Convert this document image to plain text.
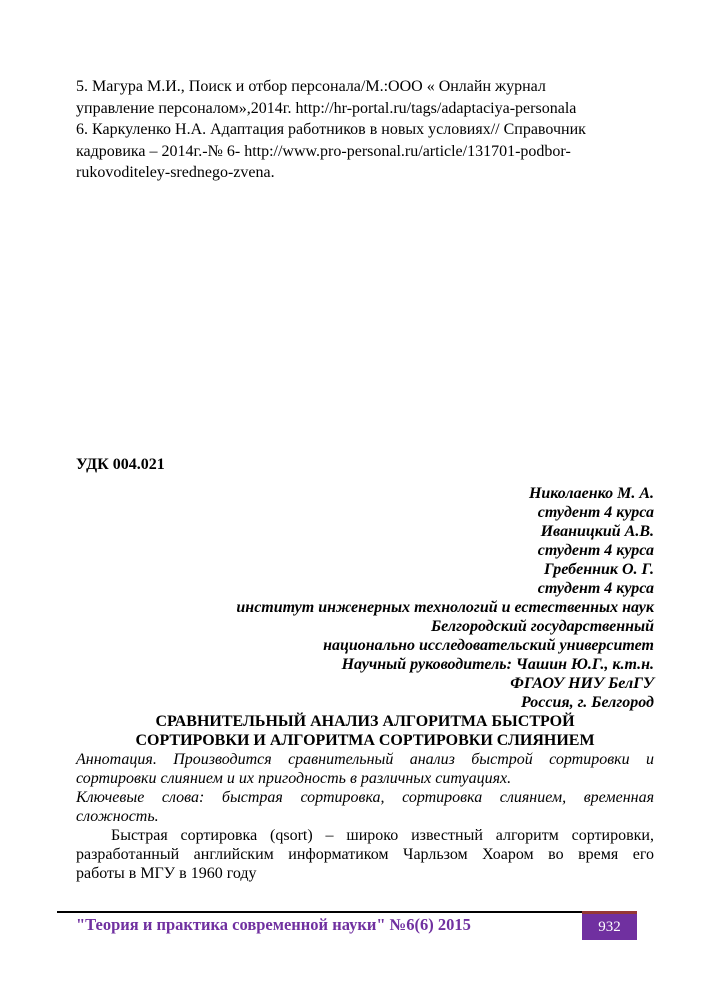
5. Магура М.И., Поиск и отбор персонала/М.:ООО « Онлайн журнал
управление персоналом»,2014г. http://hr-portal.ru/tags/adaptaciya-personala
6. Каркуленко Н.А. Адаптация работников в новых условиях// Справочник
кадровика – 2014г.-№ 6- http://www.pro-personal.ru/article/131701-podbor-
rukovoditeley-srednego-zvena.
УДК 004.021
Николаенко М. А.
студент 4 курса
Иваницкий А.В.
студент 4 курса
Гребенник О. Г.
студент 4 курса
институт инженерных технологий и естественных наук
Белгородский государственный
национально исследовательский университет
Научный руководитель: Чашин Ю.Г., к.т.н.
ФГАОУ НИУ БелГУ
Россия, г. Белгород
СРАВНИТЕЛЬНЫЙ АНАЛИЗ АЛГОРИТМА БЫСТРОЙ
СОРТИРОВКИ И АЛГОРИТМА СОРТИРОВКИ СЛИЯНИЕМ
Аннотация. Производится сравнительный анализ быстрой сортировки и
сортировки слиянием и их пригодность в различных ситуациях.
Ключевые слова: быстрая сортировка, сортировка слиянием, временная
сложность.
Быстрая сортировка (qsort) – широко известный алгоритм сортировки,
разработанный английским информатиком Чарльзом Хоаром во время его
работы в МГУ в 1960 году
"Теория и практика современной науки" №6(6) 2015	932
